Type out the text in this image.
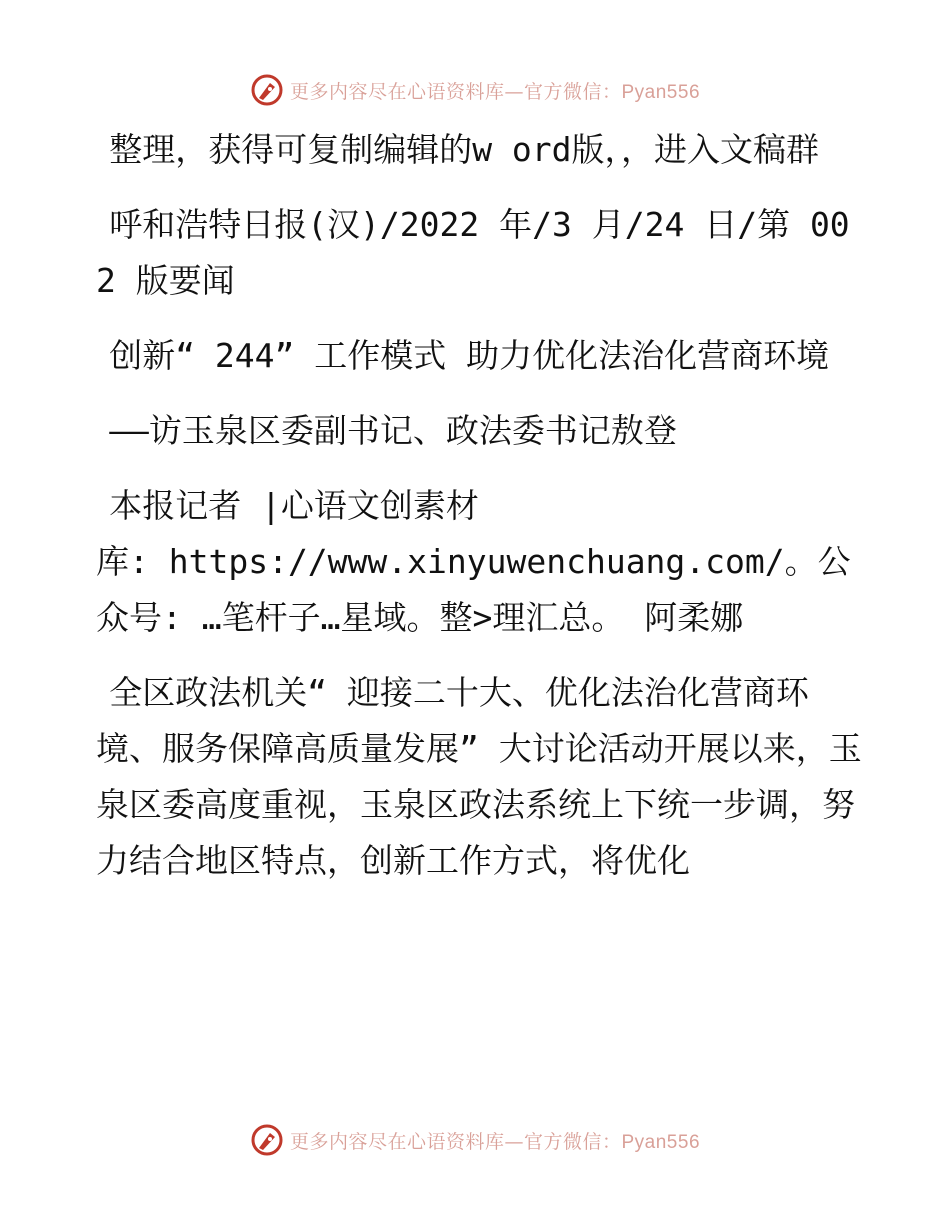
更多内容尽在心语资料库—官方微信：Pyan556

整理，获得可复制编辑的w ord版，，进入文稿群

呼和浩特日报(汉)/2022 年/3 月/24 日/第 002 版要闻

创新“ 244” 工作模式 助力优化法治化营商环境

——访玉泉区委副书记、政法委书记敖登

本报记者 |心语文创素材

库: https://www.xinyuwenchuang.com/。公众号: …笔杆子…星域。整>理汇总。 阿柔娜

全区政法机关“ 迎接二十大、优化法治化营商环境、服务保障高质量发展” 大讨论活动开展以来，玉泉区委高度重视，玉泉区政法系统上下统一步调，努力结合地区特点，创新工作方式，将优化

更多内容尽在心语资料库—官方微信：Pyan556
